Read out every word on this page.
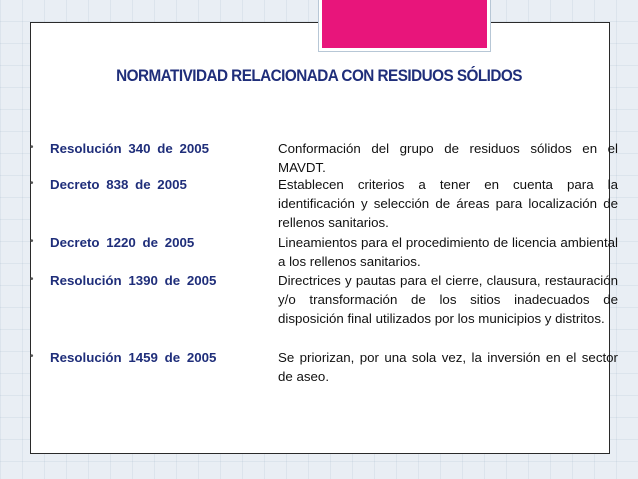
NORMATIVIDAD RELACIONADA CON RESIDUOS SÓLIDOS
• Resolución 340 de 2005	Conformación del grupo de residuos sólidos en el MAVDT.
• Decreto 838 de 2005	Establecen criterios a tener en cuenta para la identificación y selección de áreas para localización de rellenos sanitarios.
• Decreto 1220 de 2005	Lineamientos para el procedimiento de licencia ambiental a los rellenos sanitarios.
• Resolución 1390 de 2005	Directrices y pautas para el cierre, clausura, restauración y/o transformación de los sitios inadecuados de disposición final utilizados por los municipios y distritos.
• Resolución 1459 de 2005	Se priorizan, por una sola vez, la inversión en el sector de aseo.
